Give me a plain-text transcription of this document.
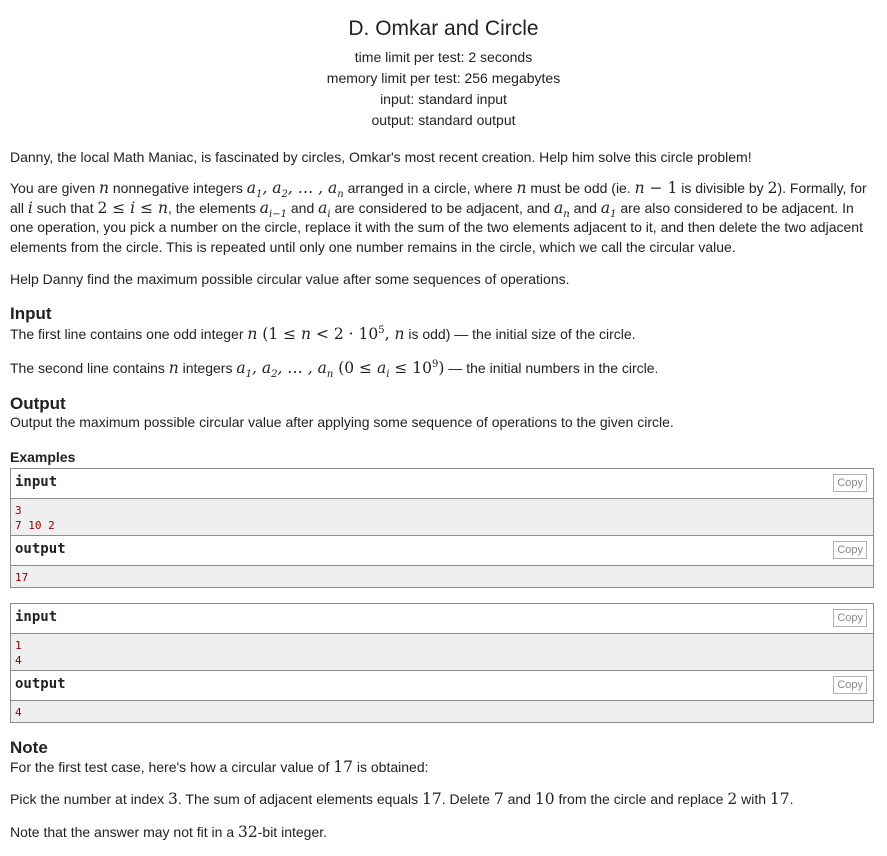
D. Omkar and Circle
time limit per test: 2 seconds
memory limit per test: 256 megabytes
input: standard input
output: standard output

Danny, the local Math Maniac, is fascinated by circles, Omkar's most recent creation. Help him solve this circle problem!

You are given n nonnegative integers $a_1$, $a_2$, … , $a_n$ arranged in a circle, where n must be odd (ie. n − 1 is divisible by 2). Formally, for

all i such that 2 ≤ i ≤ n, the elements $a_{i-1}$ and $a_i$ are considered to be adjacent, and $a_n$ and $a_1$ are also considered to be adjacent. In

one operation, you pick a number on the circle, replace it with the sum of the two elements adjacent to it, and then delete the two adjacent

elements from the circle. This is repeated until only one number remains in the circle, which we call the circular value.

Help Danny find the maximum possible circular value after some sequences of operations.

Input

The first line contains one odd integer n ($1 \le n < 2 \cdot 10^5$, n is odd) — the initial size of the circle.

The second line contains n integers $a_1$, $a_2$, … , $a_n$ $(0 \le a_i \le 10^9)$ — the initial numbers in the circle.

Output

Output the maximum possible circular value after applying some sequence of operations to the given circle.

Examples
input	Copy
3
7 10 2
output	Copy
17
input	Copy
1
4
output	Copy
4
Note

For the first test case, here's how a circular value of 17 is obtained:

Pick the number at index 3. The sum of adjacent elements equals 17. Delete 7 and 10 from the circle and replace 2 with 17.

Note that the answer may not fit in a 32-bit integer.
